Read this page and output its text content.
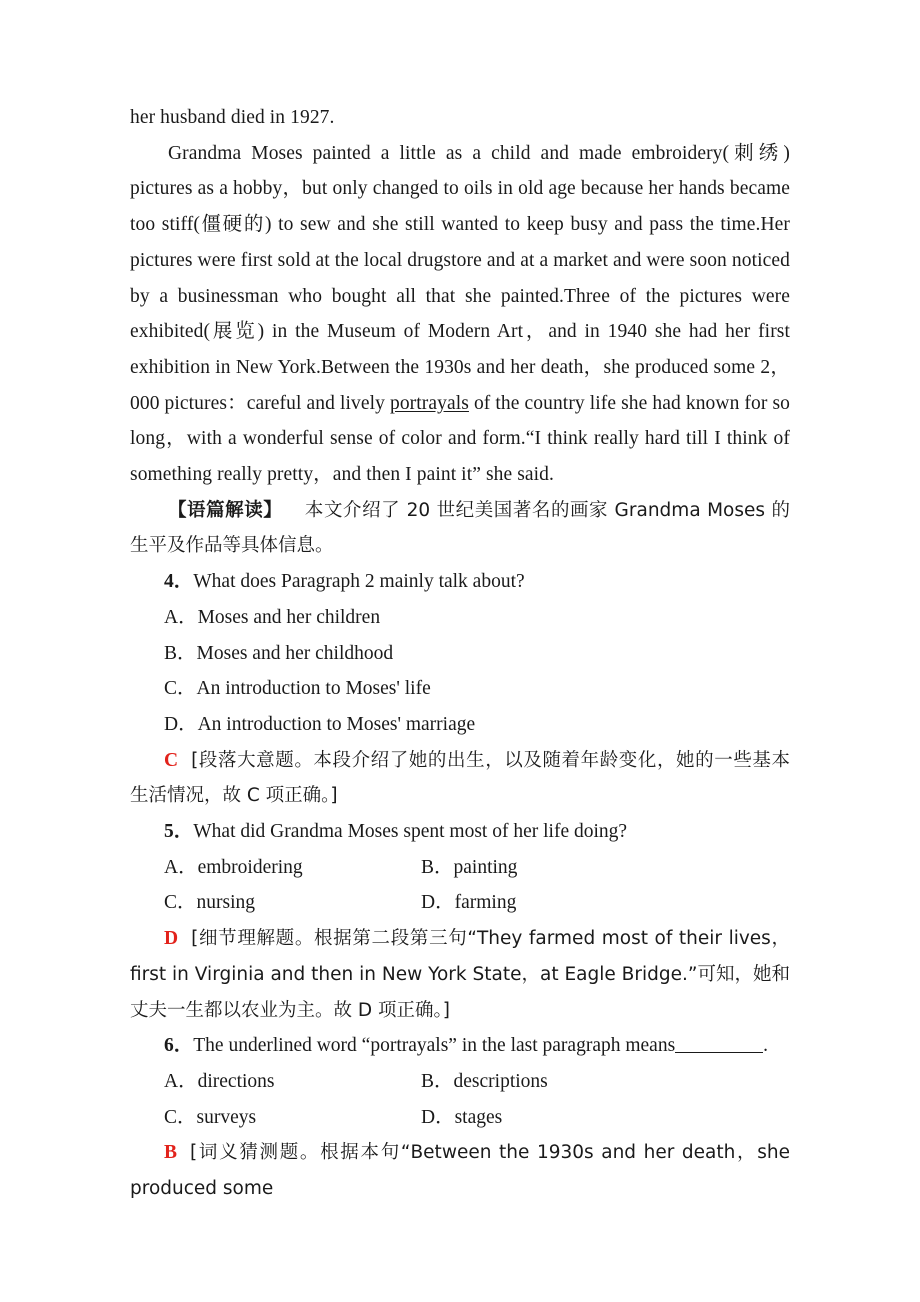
her husband died in 1927.

Grandma Moses painted a little as a child and made embroidery(刺绣) pictures as a hobby，but only changed to oils in old age because her hands became too stiff(僵硬的) to sew and she still wanted to keep busy and pass the time.Her pictures were first sold at the local drugstore and at a market and were soon noticed by a businessman who bought all that she painted.Three of the pictures were exhibited(展览) in the Museum of Modern Art，and in 1940 she had her first exhibition in New York.Between the 1930s and her death，she produced some 2，000 pictures：careful and lively portrayals of the country life she had known for so long，with a wonderful sense of color and form.“I think really hard till I think of something really pretty，and then I paint it” she said.

【语篇解读】 本文介绍了 20 世纪美国著名的画家 Grandma Moses 的生平及作品等具体信息。

4．What does Paragraph 2 mainly talk about?

A．Moses and her children
B．Moses and her childhood
C．An introduction to Moses' life
D．An introduction to Moses' marriage

C [段落大意题。本段介绍了她的出生，以及随着年龄变化，她的一些基本生活情况，故 C 项正确。]

5．What did Grandma Moses spent most of her life doing?

A．embroidering	B．painting
C．nursing	D．farming

D [细节理解题。根据第二段第三句“They farmed most of their lives，first in Virginia and then in New York State，at Eagle Bridge.”可知，她和丈夫一生都以农业为主。故 D 项正确。]

6．The underlined word “portrayals” in the last paragraph means	.

A．directions	B．descriptions
C．surveys	D．stages

B [词义猜测题。根据本句“Between the 1930s and her death，she produced some
